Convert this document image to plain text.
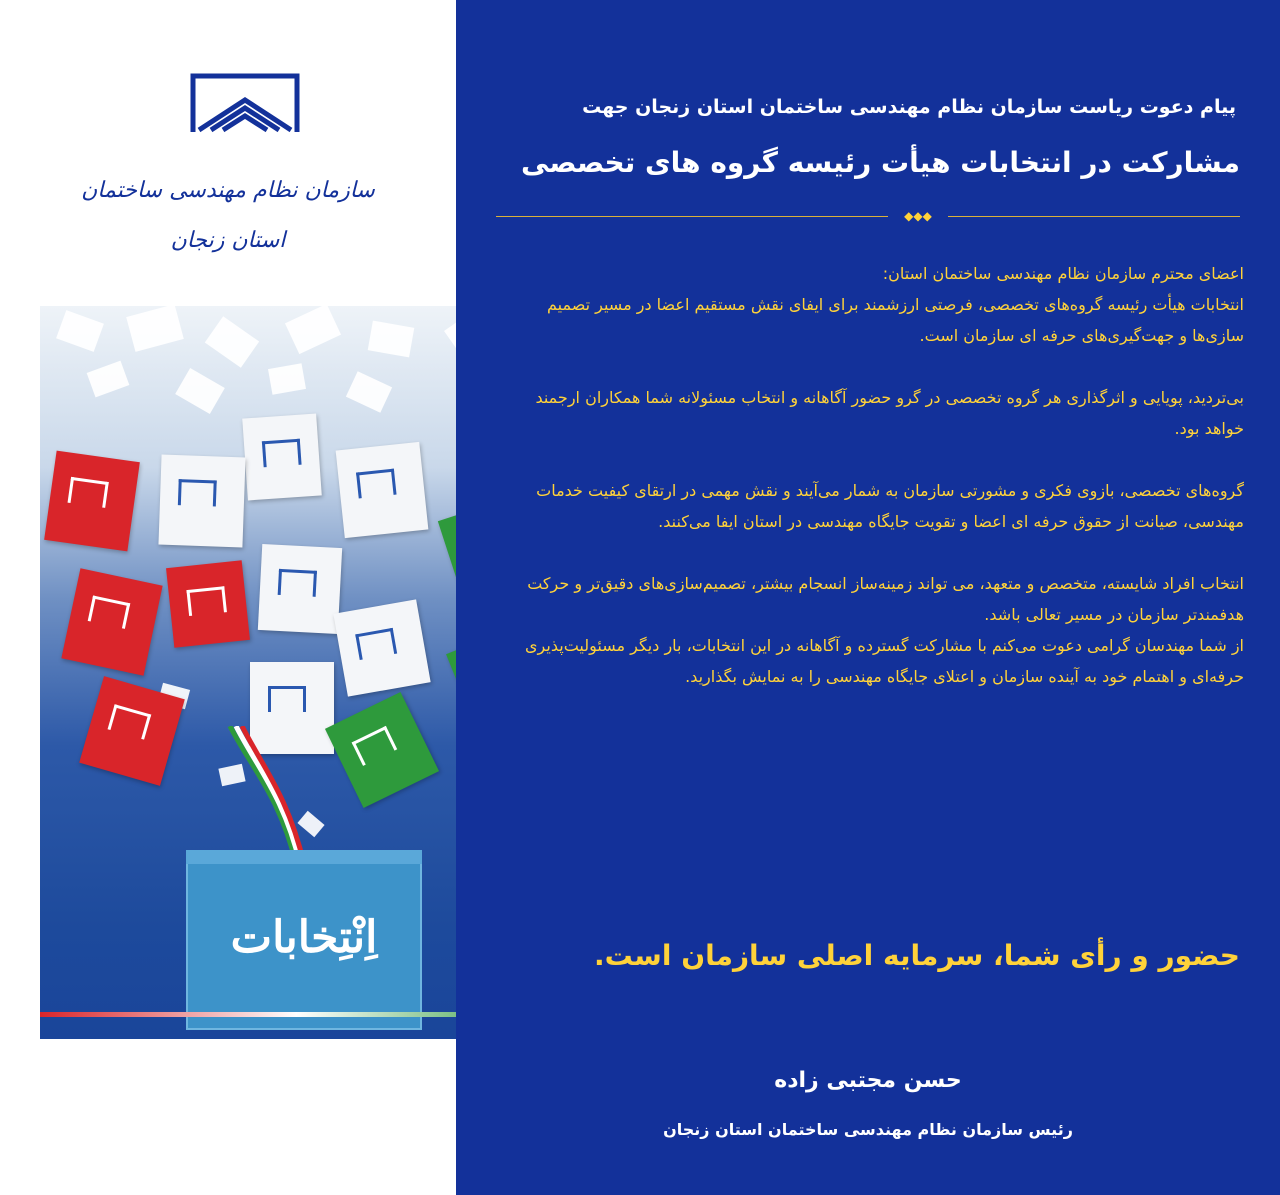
سازمان نظام مهندسی ساختمان
استان زنجان
اِنْتِخابات
پیام دعوت ریاست سازمان نظام مهندسی ساختمان استان زنجان جهت
مشارکت در انتخابات هیأت رئیسه گروه های تخصصی
◆◆◆

اعضای محترم سازمان نظام مهندسی ساختمان استان:

انتخابات هیأت رئیسه گروه‌های تخصصی، فرصتی ارزشمند برای ایفای نقش مستقیم اعضا در مسیر تصمیم سازی‌ها و جهت‌گیری‌های حرفه ای سازمان است.

بی‌تردید، پویایی و اثرگذاری هر گروه تخصصی در گرو حضور آگاهانه و انتخاب مسئولانه شما همکاران ارجمند خواهد بود.

گروه‌های تخصصی، بازوی فکری و مشورتی سازمان به شمار می‌آیند و نقش مهمی در ارتقای کیفیت خدمات مهندسی، صیانت از حقوق حرفه ای اعضا و تقویت جایگاه مهندسی در استان ایفا می‌کنند.

انتخاب افراد شایسته، متخصص و متعهد، می تواند زمینه‌ساز انسجام بیشتر، تصمیم‌سازی‌های دقیق‌تر و حرکت هدفمندتر سازمان در مسیر تعالی باشد.

از شما مهندسان گرامی دعوت می‌کنم با مشارکت گسترده و آگاهانه در این انتخابات، بار دیگر مسئولیت‌پذیری حرفه‌ای و اهتمام خود به آینده سازمان و اعتلای جایگاه مهندسی را به نمایش بگذارید.

حضور و رأی شما، سرمایه اصلی سازمان است.
حسن مجتبی زاده
رئیس سازمان نظام مهندسی ساختمان استان زنجان
